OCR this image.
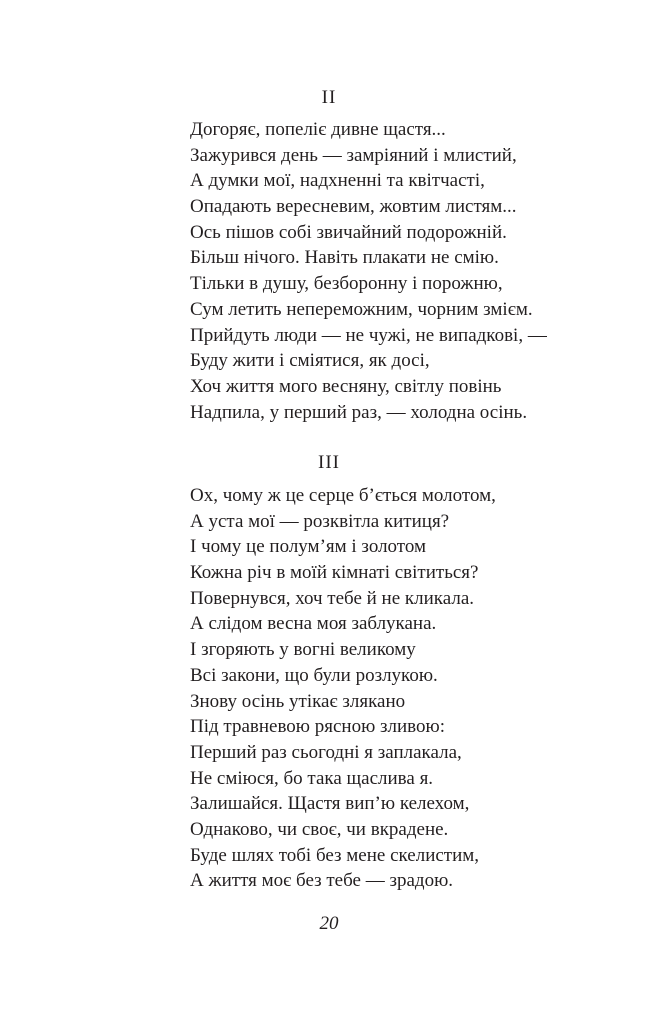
II
Догоряє, попеліє дивне щастя...
Зажурився день — замріяний і млистий,
А думки мої, надхненні та квітчасті,
Опадають вересневим, жовтим листям...
Ось пішов собі звичайний подорожній.
Більш нічого. Навіть плакати не смію.
Тільки в душу, безборонну і порожню,
Сум летить непереможним, чорним змієм.
Прийдуть люди — не чужі, не випадкові, —
Буду жити і сміятися, як досі,
Хоч життя мого весняну, світлу повінь
Надпила, у перший раз, — холодна осінь.
III
Ох, чому ж це серце б’ється молотом,
А уста мої — розквітла китиця?
І чому це полум’ям і золотом
Кожна річ в моїй кімнаті світиться?
Повернувся, хоч тебе й не кликала.
А слідом весна моя заблукана.
І згоряють у вогні великому
Всі закони, що були розлукою.
Знову осінь утікає злякано
Під травневою рясною зливою:
Перший раз сьогодні я заплакала,
Не сміюся, бо така щаслива я.
Залишайся. Щастя вип’ю келехом,
Однаково, чи своє, чи вкрадене.
Буде шлях тобі без мене скелистим,
А життя моє без тебе — зрадою.
20
